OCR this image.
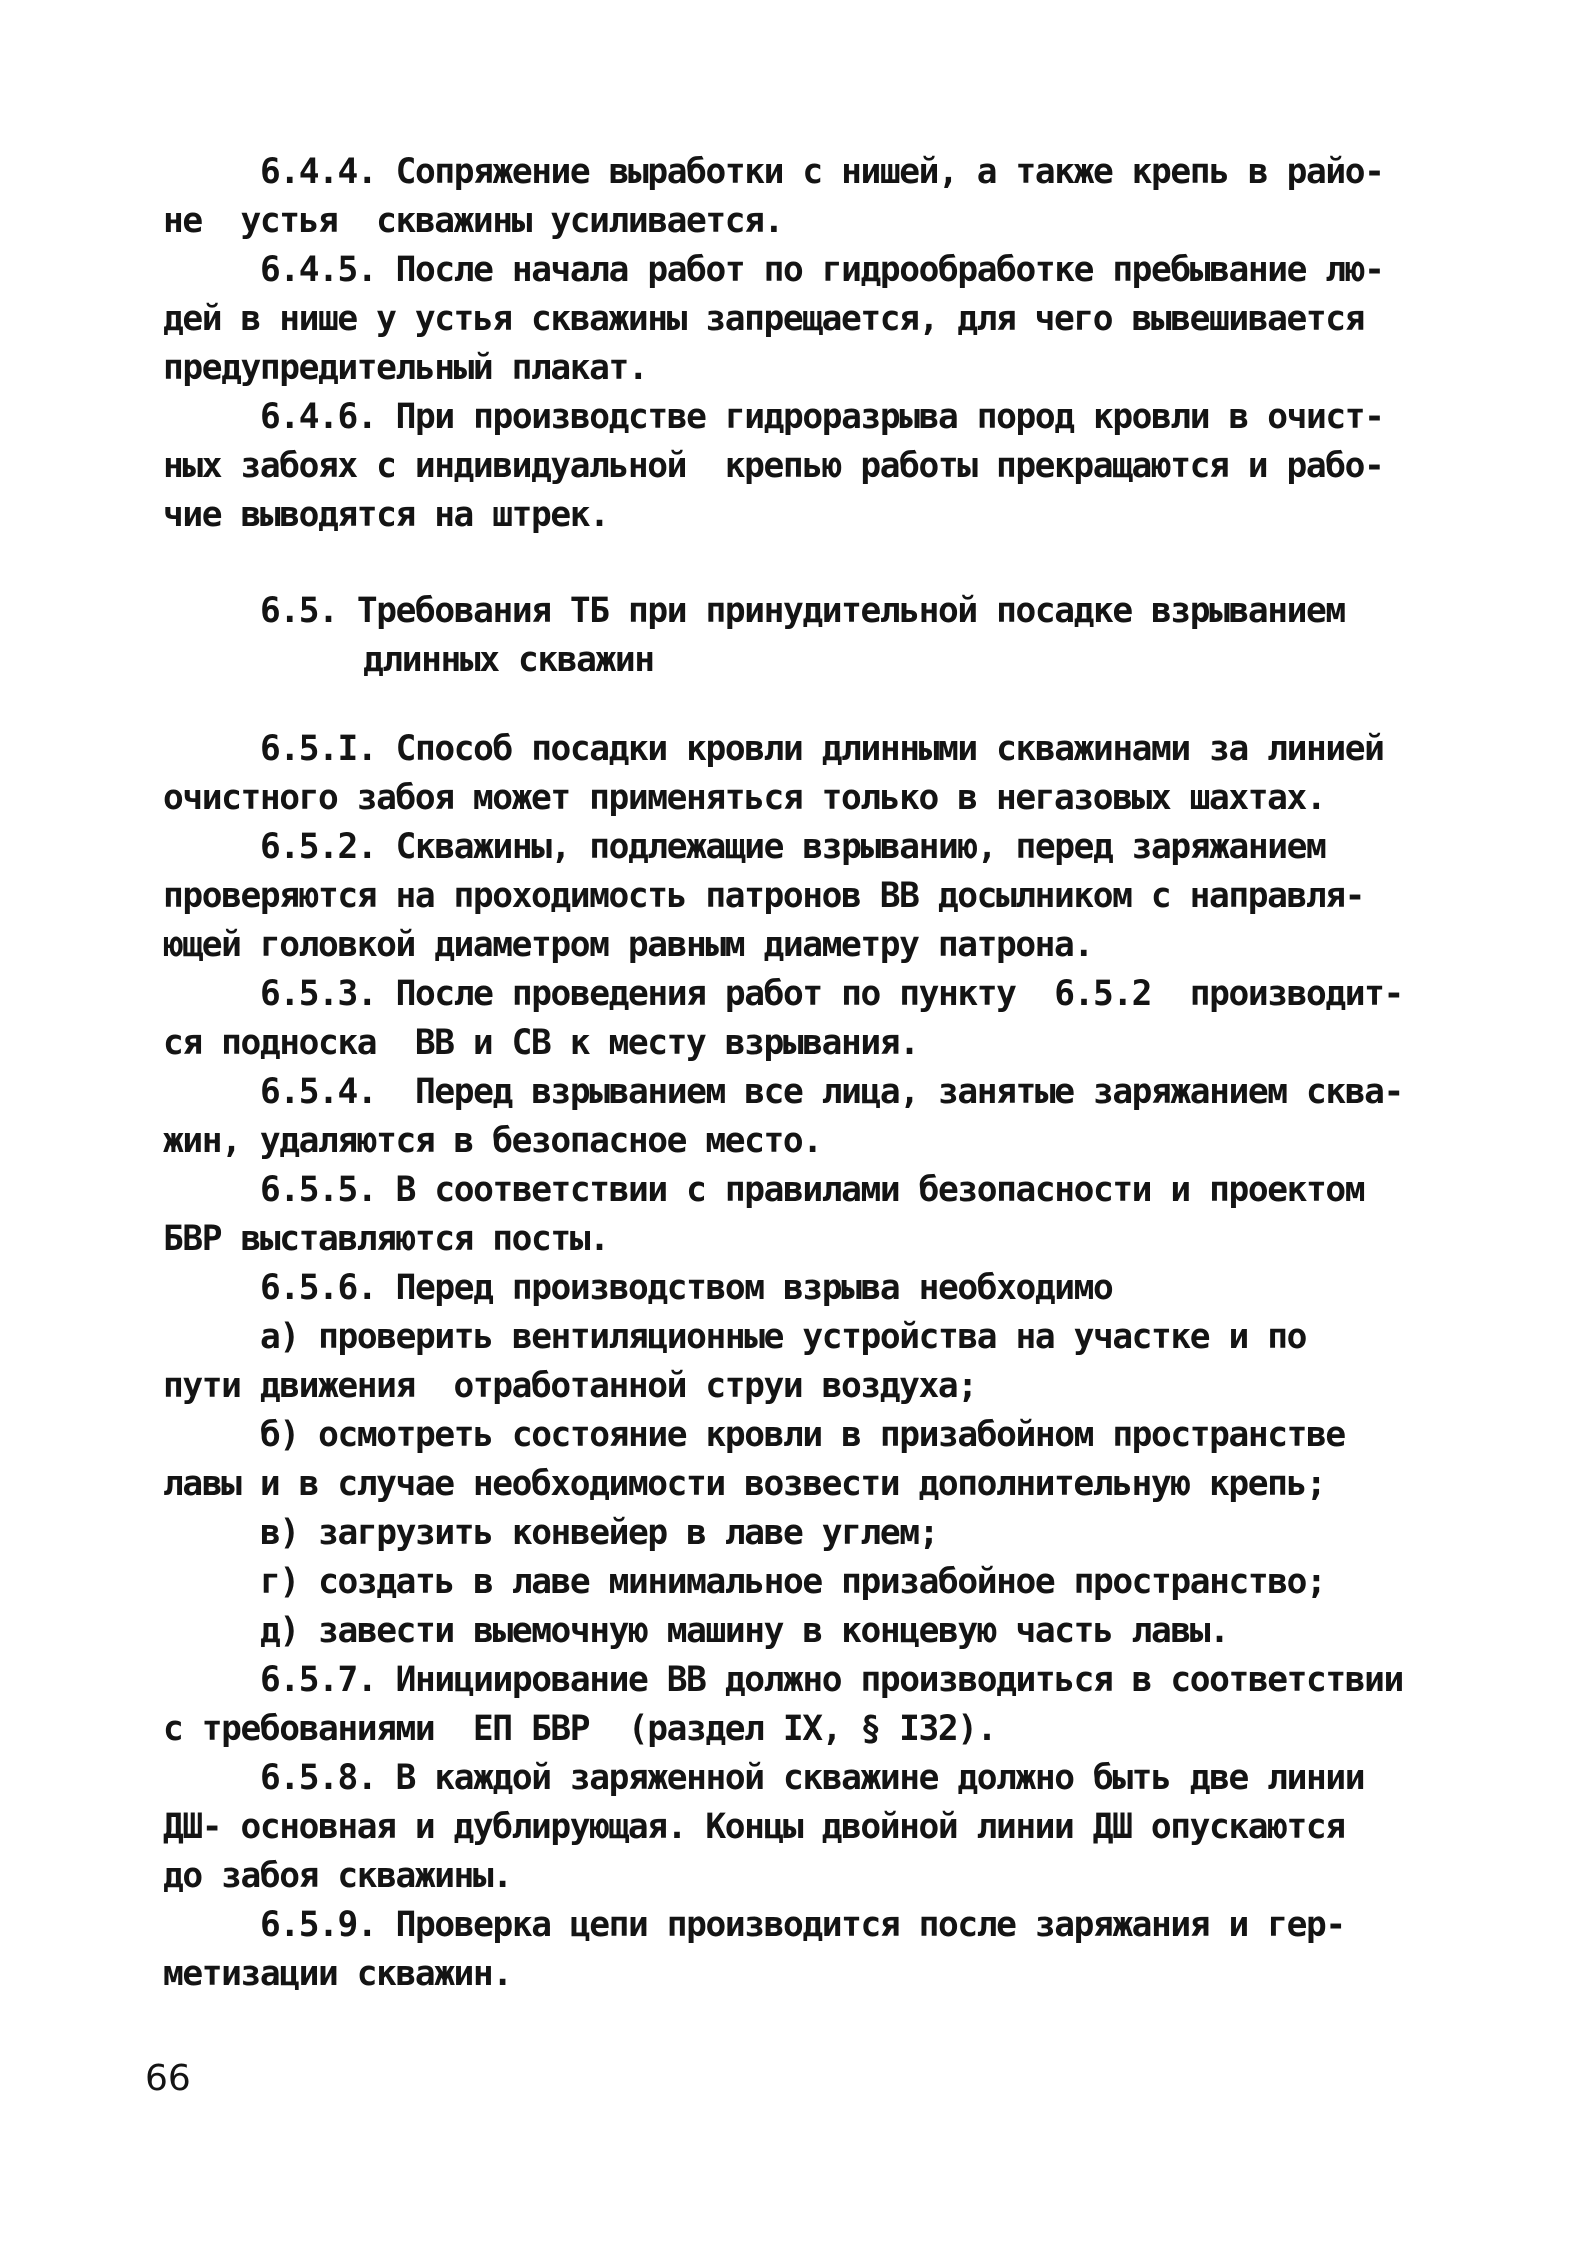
6.4.4. Сопряжение выработки с нишей, а также крепь в райо-
не  устья  скважины усиливается.
6.4.5. После начала работ по гидрообработке пребывание лю-
дей в нише у устья скважины запрещается, для чего вывешивается
предупредительный плакат.
6.4.6. При производстве гидроразрыва пород кровли в очист-
ных забоях с индивидуальной  крепью работы прекращаются и рабо-
чие выводятся на штрек.
6.5. Требования ТБ при принудительной посадке взрыванием
длинных скважин
6.5.I. Способ посадки кровли длинными скважинами за линией
очистного забоя может применяться только в негазовых шахтах.
6.5.2. Скважины, подлежащие взрыванию, перед заряжанием
проверяются на проходимость патронов ВВ досылником с направля-
ющей головкой диаметром равным диаметру патрона.
6.5.3. После проведения работ по пункту  6.5.2  производит-
ся подноска  ВВ и СВ к месту взрывания.
6.5.4.  Перед взрыванием все лица, занятые заряжанием сква-
жин, удаляются в безопасное место.
6.5.5. В соответствии с правилами безопасности и проектом
БВР выставляются посты.
6.5.6. Перед производством взрыва необходимо
а) проверить вентиляционные устройства на участке и по
пути движения  отработанной струи воздуха;
б) осмотреть состояние кровли в призабойном пространстве
лавы и в случае необходимости возвести дополнительную крепь;
в) загрузить конвейер в лаве углем;
г) создать в лаве минимальное призабойное пространство;
д) завести выемочную машину в концевую часть лавы.
6.5.7. Инициирование ВВ должно производиться в соответствии
с требованиями  ЕП БВР  (раздел IX, § I32).
6.5.8. В каждой заряженной скважине должно быть две линии
ДШ- основная и дублирующая. Концы двойной линии ДШ опускаются
до забоя скважины.
6.5.9. Проверка цепи производится после заряжания и гер-
метизации скважин.
66
